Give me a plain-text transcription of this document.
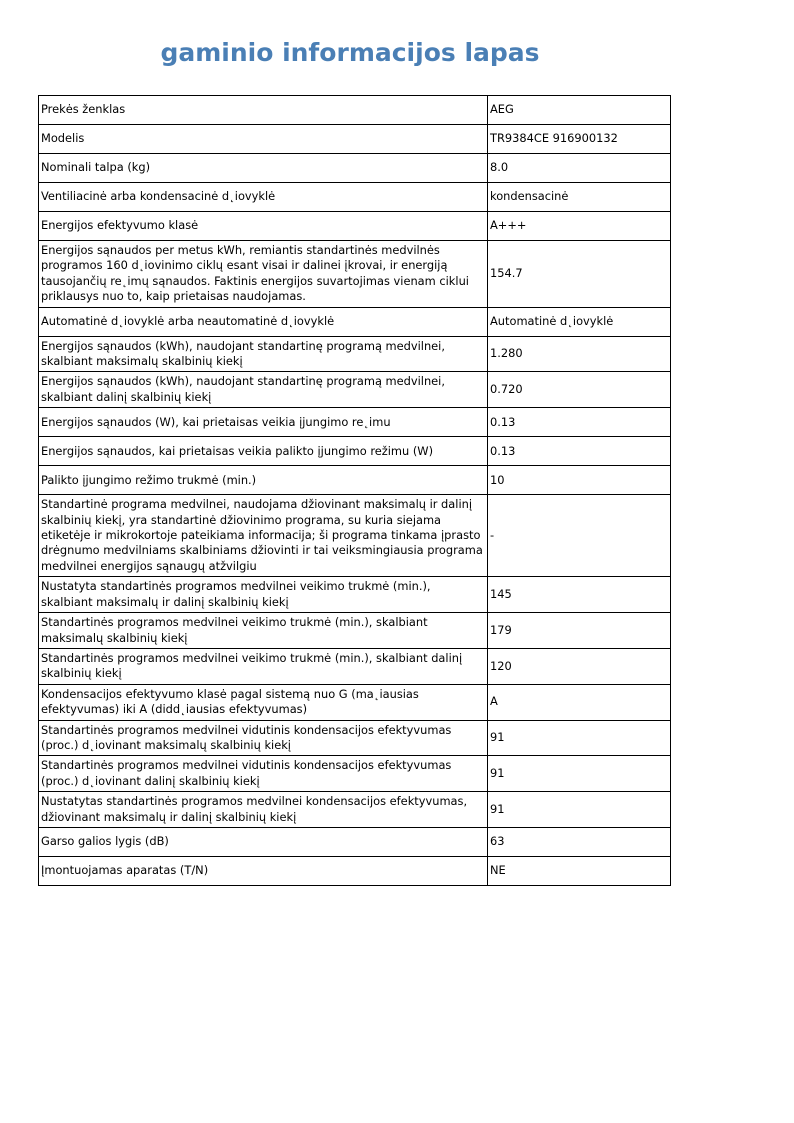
gaminio informacijos lapas
Prekės ženklas	AEG
Modelis	TR9384CE 916900132
Nominali talpa (kg)	8.0
Ventiliacinė arba kondensacinė d˛iovyklė	kondensacinė
Energijos efektyvumo klasė	A+++
Energijos sąnaudos per metus kWh, remiantis standartinės medvilnės programos 160 d˛iovinimo ciklų esant visai ir dalinei įkrovai, ir energiją tausojančių re˛imų sąnaudos. Faktinis energijos suvartojimas vienam ciklui priklausys nuo to, kaip prietaisas naudojamas.	154.7
Automatinė d˛iovyklė arba neautomatinė d˛iovyklė	Automatinė d˛iovyklė
Energijos sąnaudos (kWh), naudojant standartinę programą medvilnei, skalbiant maksimalų skalbinių kiekį	1.280
Energijos sąnaudos (kWh), naudojant standartinę programą medvilnei, skalbiant dalinį skalbinių kiekį	0.720
Energijos sąnaudos (W), kai prietaisas veikia įjungimo re˛imu	0.13
Energijos sąnaudos, kai prietaisas veikia palikto įjungimo režimu (W)	0.13
Palikto įjungimo režimo trukmė (min.)	10
Standartinė programa medvilnei, naudojama džiovinant maksimalų ir dalinį skalbinių kiekį, yra standartinė džiovinimo programa, su kuria siejama etiketėje ir mikrokortoje pateikiama informacija; ši programa tinkama įprasto drėgnumo medvilniams skalbiniams džiovinti ir tai veiksmingiausia programa medvilnei energijos sąnaugų atžvilgiu	-
Nustatyta standartinės programos medvilnei veikimo trukmė (min.), skalbiant maksimalų ir dalinį skalbinių kiekį	145
Standartinės programos medvilnei veikimo trukmė (min.), skalbiant maksimalų skalbinių kiekį	179
Standartinės programos medvilnei veikimo trukmė (min.), skalbiant dalinį skalbinių kiekį	120
Kondensacijos efektyvumo klasė pagal sistemą nuo G (ma˛iausias efektyvumas) iki A (didd˛iausias efektyvumas)	A
Standartinės programos medvilnei vidutinis kondensacijos efektyvumas (proc.) d˛iovinant maksimalų skalbinių kiekį	91
Standartinės programos medvilnei vidutinis kondensacijos efektyvumas (proc.) d˛iovinant dalinį skalbinių kiekį	91
Nustatytas standartinės programos medvilnei kondensacijos efektyvumas, džiovinant maksimalų ir dalinį skalbinių kiekį	91
Garso galios lygis (dB)	63
Įmontuojamas aparatas (T/N)	NE
